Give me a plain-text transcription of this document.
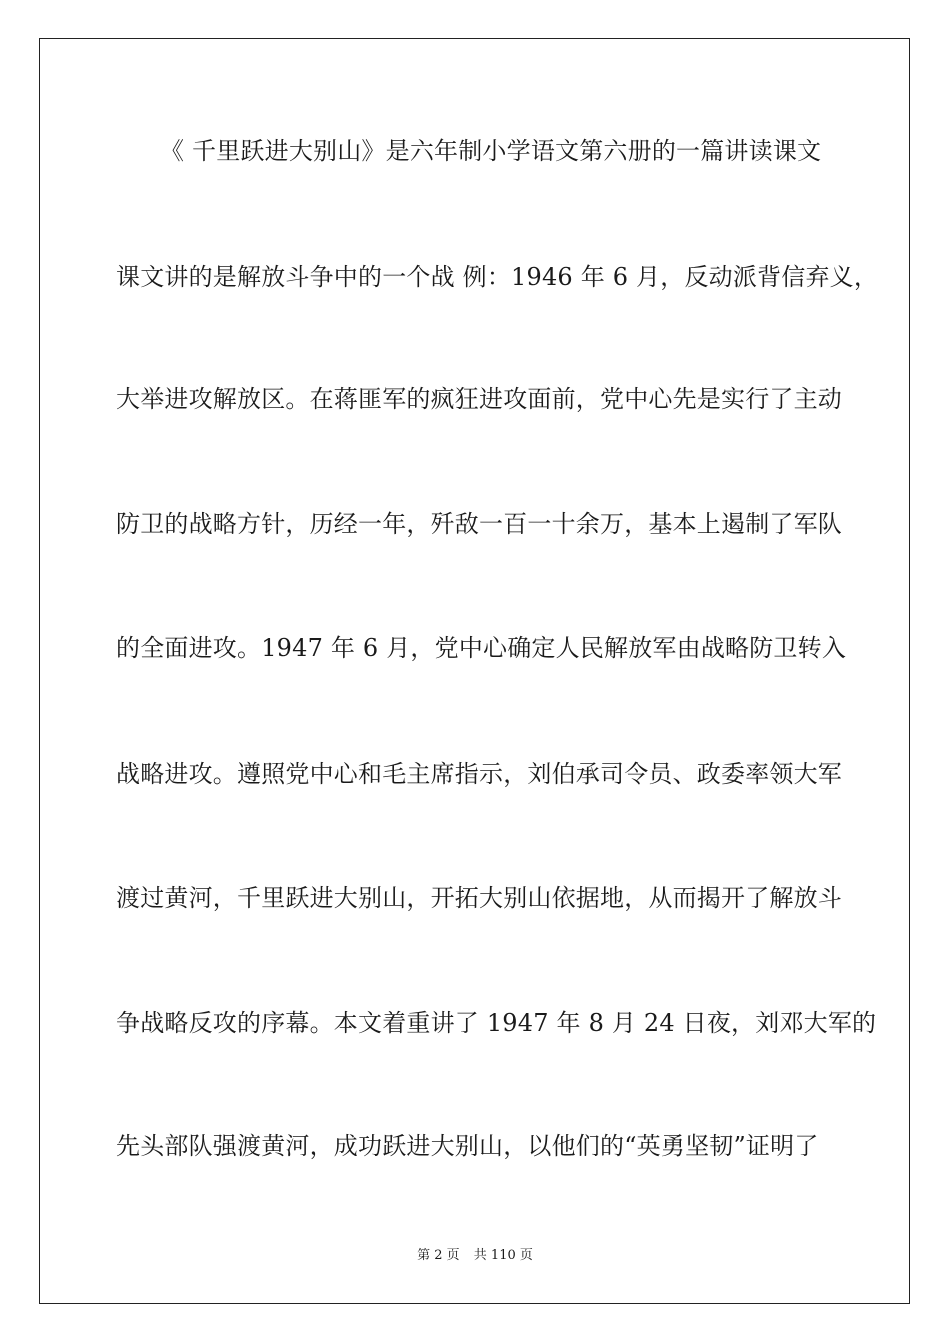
《 千里跃进大别山》是六年制小学语文第六册的一篇讲读课文
课文讲的是解放斗争中的一个战 例：1946 年 6 月，反动派背信弃义，
大举进攻解放区。在蒋匪军的疯狂进攻面前，党中心先是实行了主动
防卫的战略方针，历经一年，歼敌一百一十余万，基本上遏制了军队
的全面进攻。1947 年 6 月，党中心确定人民解放军由战略防卫转入
战略进攻。遵照党中心和毛主席指示，刘伯承司令员、政委率领大军
渡过黄河，千里跃进大别山，开拓大别山依据地，从而揭开了解放斗
争战略反攻的序幕。本文着重讲了 1947 年 8 月 24 日夜，刘邓大军的
先头部队强渡黄河，成功跃进大别山，以他们的“英勇坚韧”证明了
第 2 页 共 110 页
